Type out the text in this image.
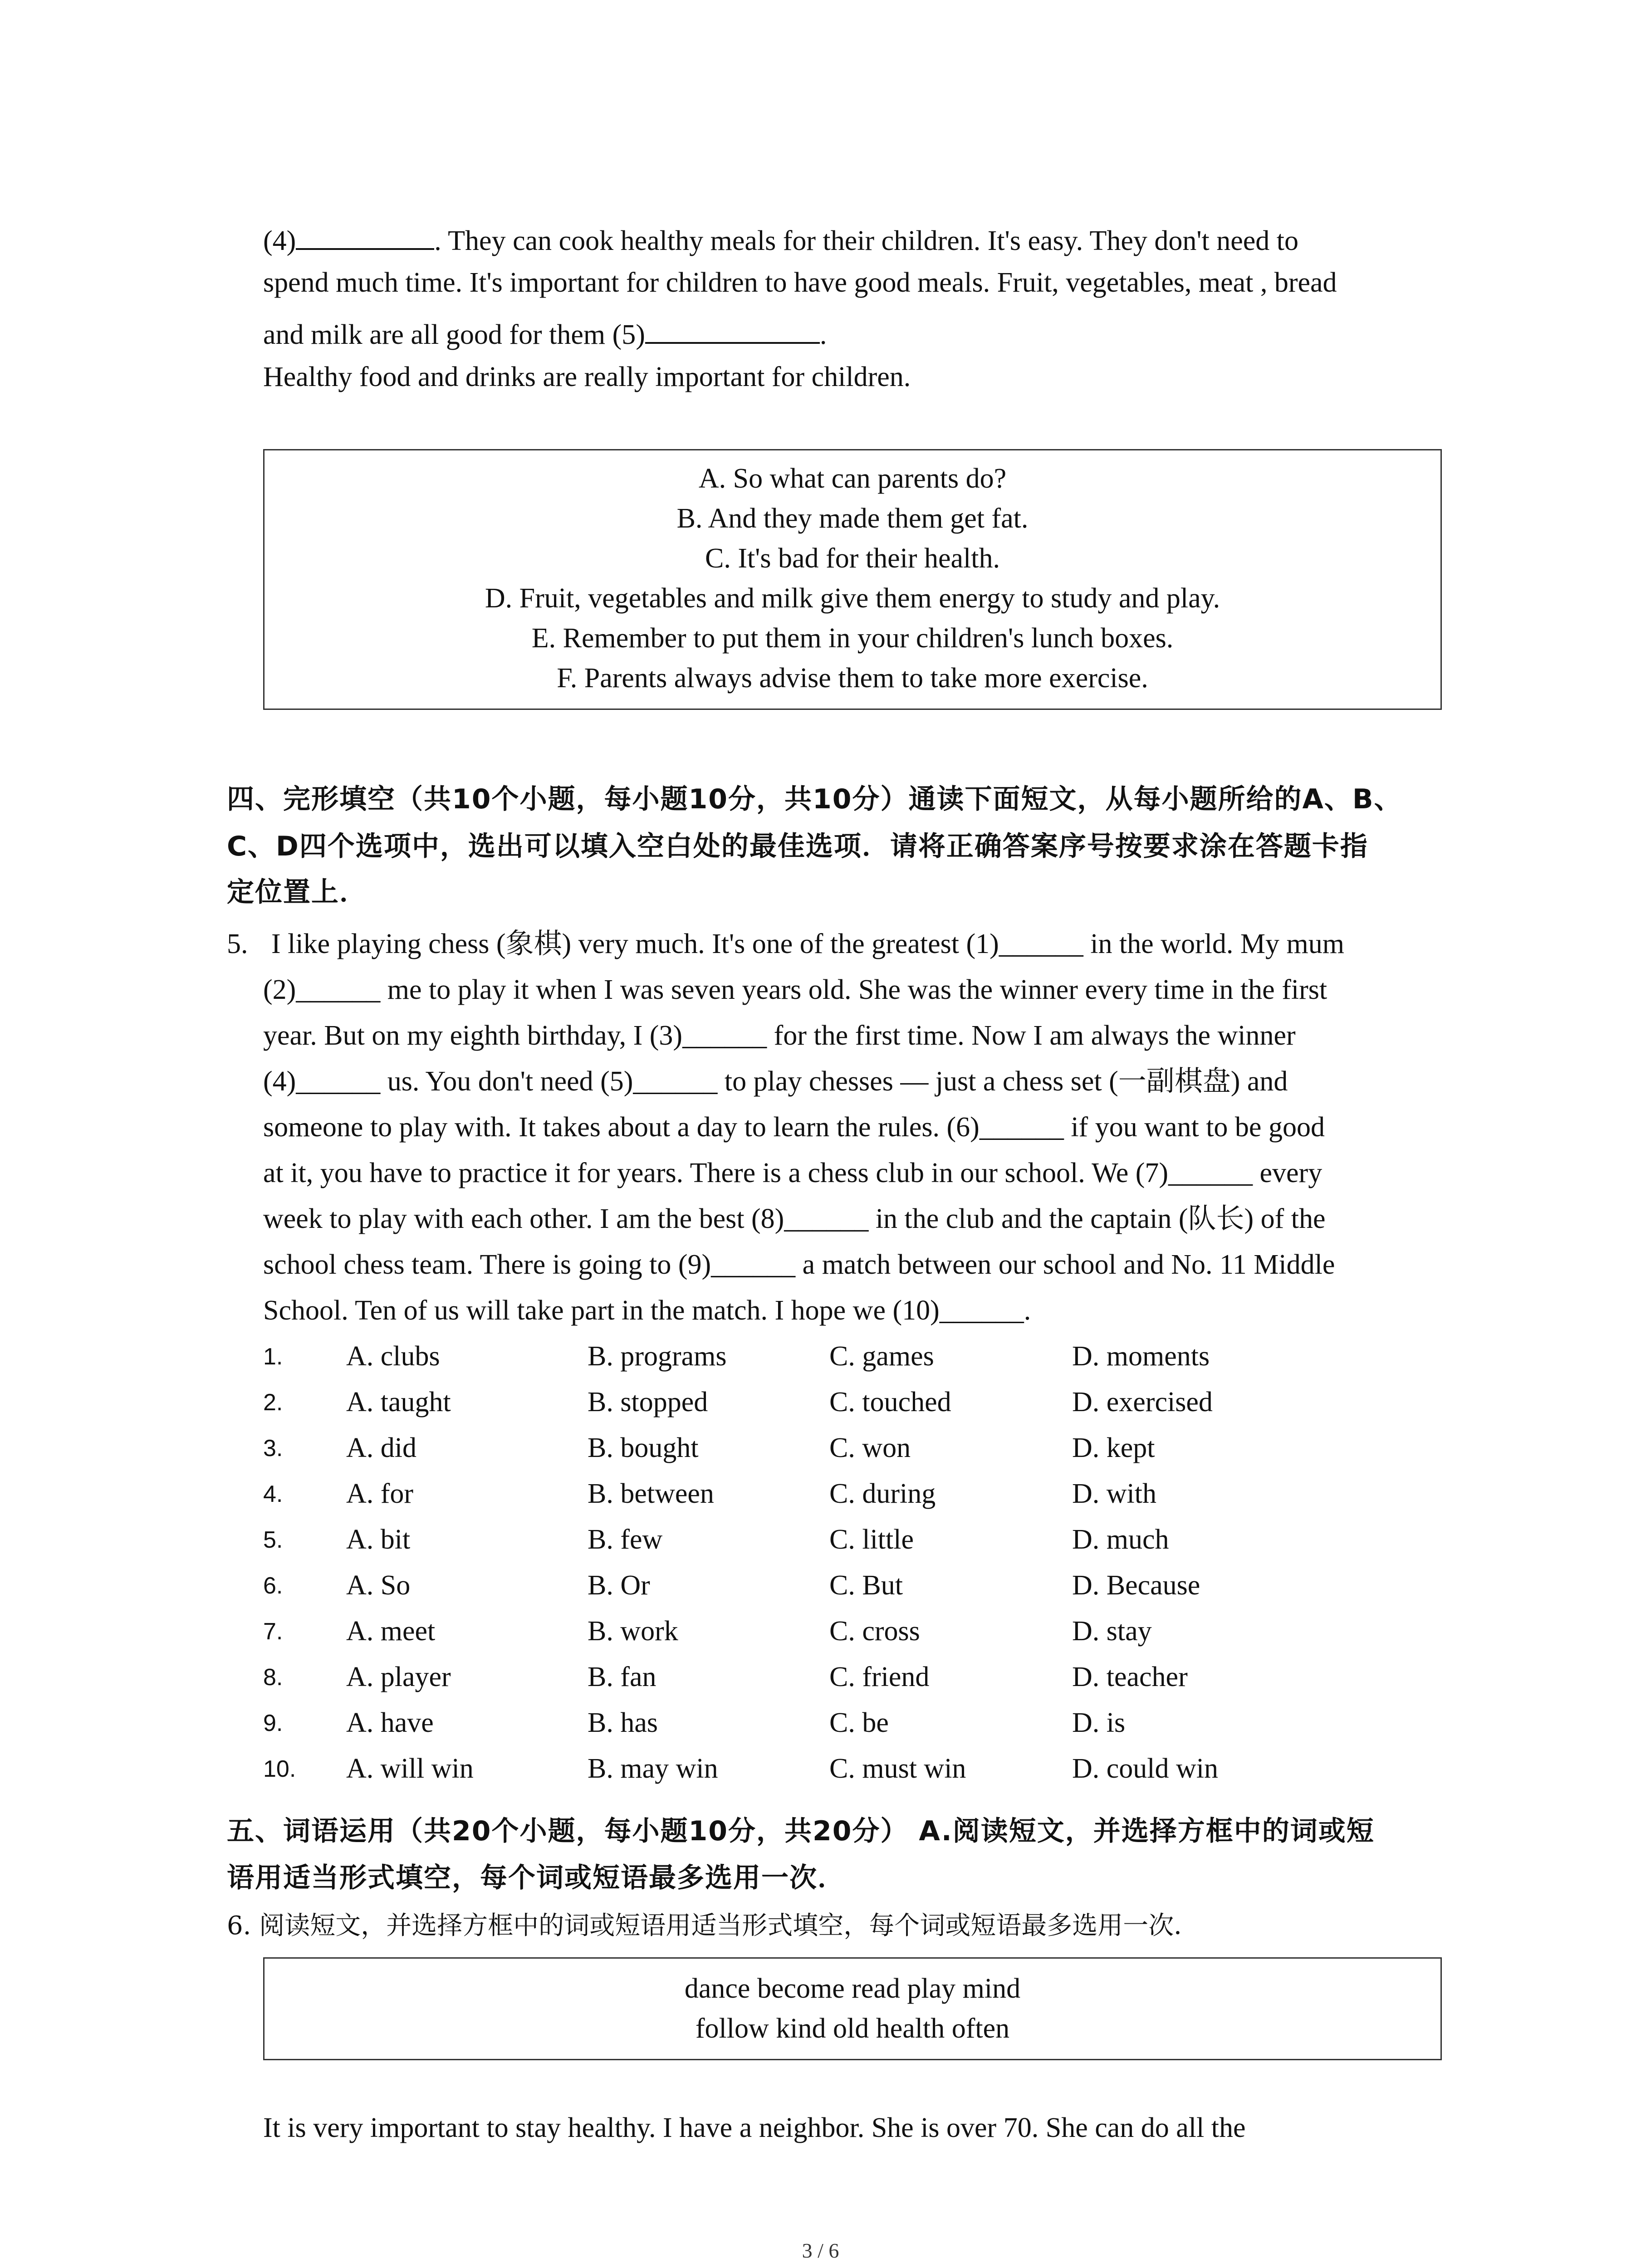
(4)	. They can cook healthy meals for their children. It's easy. They don't need to
spend much time. It's important for children to have good meals. Fruit, vegetables, meat , bread
and milk are all good for them (5)	.
Healthy food and drinks are really important for children.
A. So what can parents do?
B. And they made them get fat.
C. It's bad for their health.
D. Fruit, vegetables and milk give them energy to study and play.
E. Remember to put them in your children's lunch boxes.
F. Parents always advise them to take more exercise.
四、完形填空（共10个小题，每小题10分，共10分）通读下面短文，从每小题所给的A、B、
C、D四个选项中，选出可以填入空白处的最佳选项．请将正确答案序号按要求涂在答题卡指
定位置上．
5. I like playing chess (象棋) very much. It's one of the greatest (1)______ in the world. My mum
(2)______ me to play it when I was seven years old. She was the winner every time in the first
year. But on my eighth birthday, I (3)______ for the first time. Now I am always the winner
(4)______ us. You don't need (5)______ to play chesses — just a chess set (一副棋盘) and
someone to play with. It takes about a day to learn the rules. (6)______ if you want to be good
at it, you have to practice it for years. There is a chess club in our school. We (7)______ every
week to play with each other. I am the best (8)______ in the club and the captain (队长) of the
school chess team. There is going to (9)______ a match between our school and No. 11 Middle
School. Ten of us will take part in the match. I hope we (10)______.
1. A. clubs	B. programs	C. games	D. moments
2. A. taught	B. stopped	C. touched	D. exercised
3. A. did	B. bought	C. won	D. kept
4. A. for	B. between	C. during	D. with
5. A. bit	B. few	C. little	D. much
6. A. So	B. Or	C. But	D. Because
7. A. meet	B. work	C. cross	D. stay
8. A. player	B. fan	C. friend	D. teacher
9. A. have	B. has	C. be	D. is
10. A. will win	B. may win	C. must win	D. could win
五、词语运用（共20个小题，每小题10分，共20分） A.阅读短文，并选择方框中的词或短
语用适当形式填空，每个词或短语最多选用一次．
6. 阅读短文，并选择方框中的词或短语用适当形式填空，每个词或短语最多选用一次．
dance become read play mind
follow kind old health often
It is very important to stay healthy. I have a neighbor. She is over 70. She can do all the
3 / 6
